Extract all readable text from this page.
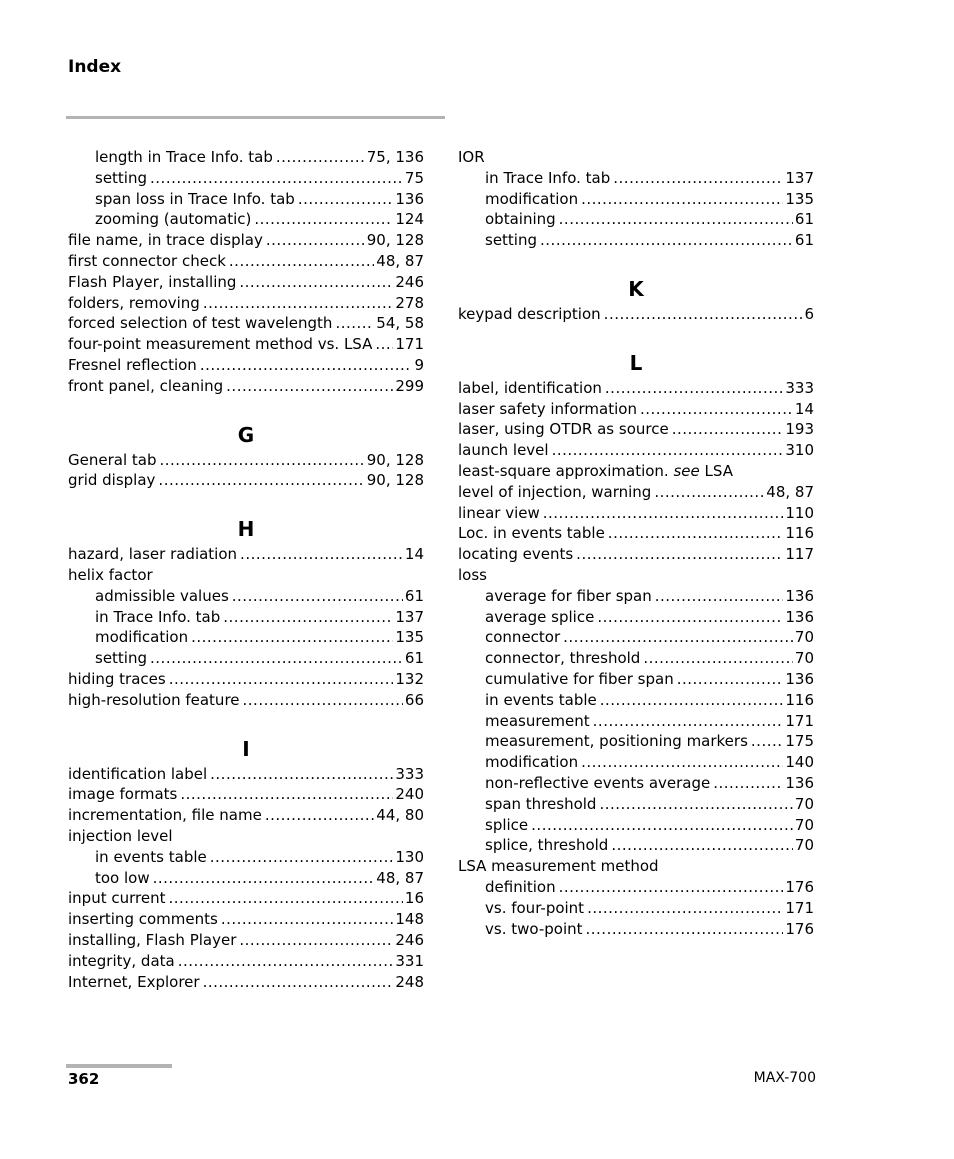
Index
length in Trace Info. tab .....	75, 136
setting .....	75
span loss in Trace Info. tab .....	136
zooming (automatic) .....	124
file name, in trace display .....	90, 128
first connector check .....	48, 87
Flash Player, installing .....	246
folders, removing .....	278
forced selection of test wavelength .....	54, 58
four-point measurement method vs. LSA ..... 171
Fresnel reflection .....	9
front panel, cleaning .....	299
G
General tab .....	90, 128
grid display .....	90, 128
H
hazard, laser radiation .....	14
helix factor
admissible values .....	61
in Trace Info. tab .....	137
modification .....	135
setting .....	61
hiding traces .....	132
high-resolution feature .....	66
I
identification label .....	333
image formats .....	240
incrementation, file name .....	44, 80
injection level
in events table .....	130
too low .....	48, 87
input current .....	16
inserting comments .....	148
installing, Flash Player .....	246
integrity, data .....	331
Internet, Explorer .....	248
IOR
in Trace Info. tab .....	137
modification .....	135
obtaining .....	61
setting .....	61
K
keypad description .....	6
L
label, identification .....	333
laser safety information .....	14
laser, using OTDR as source .....	193
launch level .....	310
least-square approximation. see LSA
level of injection, warning .....	48, 87
linear view .....	110
Loc. in events table .....	116
locating events .....	117
loss
average for fiber span .....	136
average splice .....	136
connector .....	70
connector, threshold .....	70
cumulative for fiber span .....	136
in events table .....	116
measurement .....	171
measurement, positioning markers ..... 175
modification .....	140
non-reflective events average .....	136
span threshold .....	70
splice .....	70
splice, threshold .....	70
LSA measurement method
definition .....	176
vs. four-point .....	171
vs. two-point .....	176
362	MAX-700
